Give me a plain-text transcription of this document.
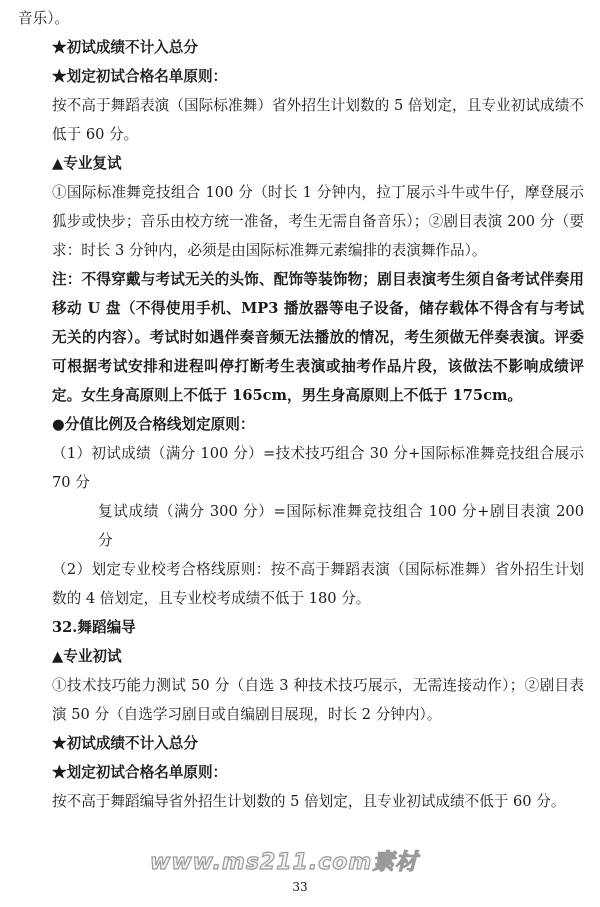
音乐）。
★初试成绩不计入总分
★划定初试合格名单原则：

按不高于舞蹈表演（国际标准舞）省外招生计划数的 5 倍划定，且专业初试成绩不低于 60 分。

▲专业复试

①国际标准舞竞技组合 100 分（时长 1 分钟内，拉丁展示斗牛或牛仔，摩登展示狐步或快步；音乐由校方统一准备，考生无需自备音乐）；②剧目表演 200 分（要求：时长 3 分钟内，必须是由国际标准舞元素编排的表演舞作品）。

注：不得穿戴与考试无关的头饰、配饰等装饰物；剧目表演考生须自备考试伴奏用移动 U 盘（不得使用手机、MP3 播放器等电子设备，储存载体不得含有与考试无关的内容）。考试时如遇伴奏音频无法播放的情况，考生须做无伴奏表演。评委可根据考试安排和进程叫停打断考生表演或抽考作品片段，该做法不影响成绩评定。女生身高原则上不低于 165cm，男生身高原则上不低于 175cm。

●分值比例及合格线划定原则：

（1）初试成绩（满分 100 分）=技术技巧组合 30 分+国际标准舞竞技组合展示 70 分

复试成绩（满分 300 分）=国际标准舞竞技组合 100 分+剧目表演 200 分

（2）划定专业校考合格线原则：按不高于舞蹈表演（国际标准舞）省外招生计划数的 4 倍划定，且专业校考成绩不低于 180 分。

32.舞蹈编导
▲专业初试

①技术技巧能力测试 50 分（自选 3 种技术技巧展示，无需连接动作）；②剧目表演 50 分（自选学习剧目或自编剧目展现，时长 2 分钟内）。

★初试成绩不计入总分
★划定初试合格名单原则：

按不高于舞蹈编导省外招生计划数的 5 倍划定，且专业初试成绩不低于 60 分。

www.ms211.com素材
33
